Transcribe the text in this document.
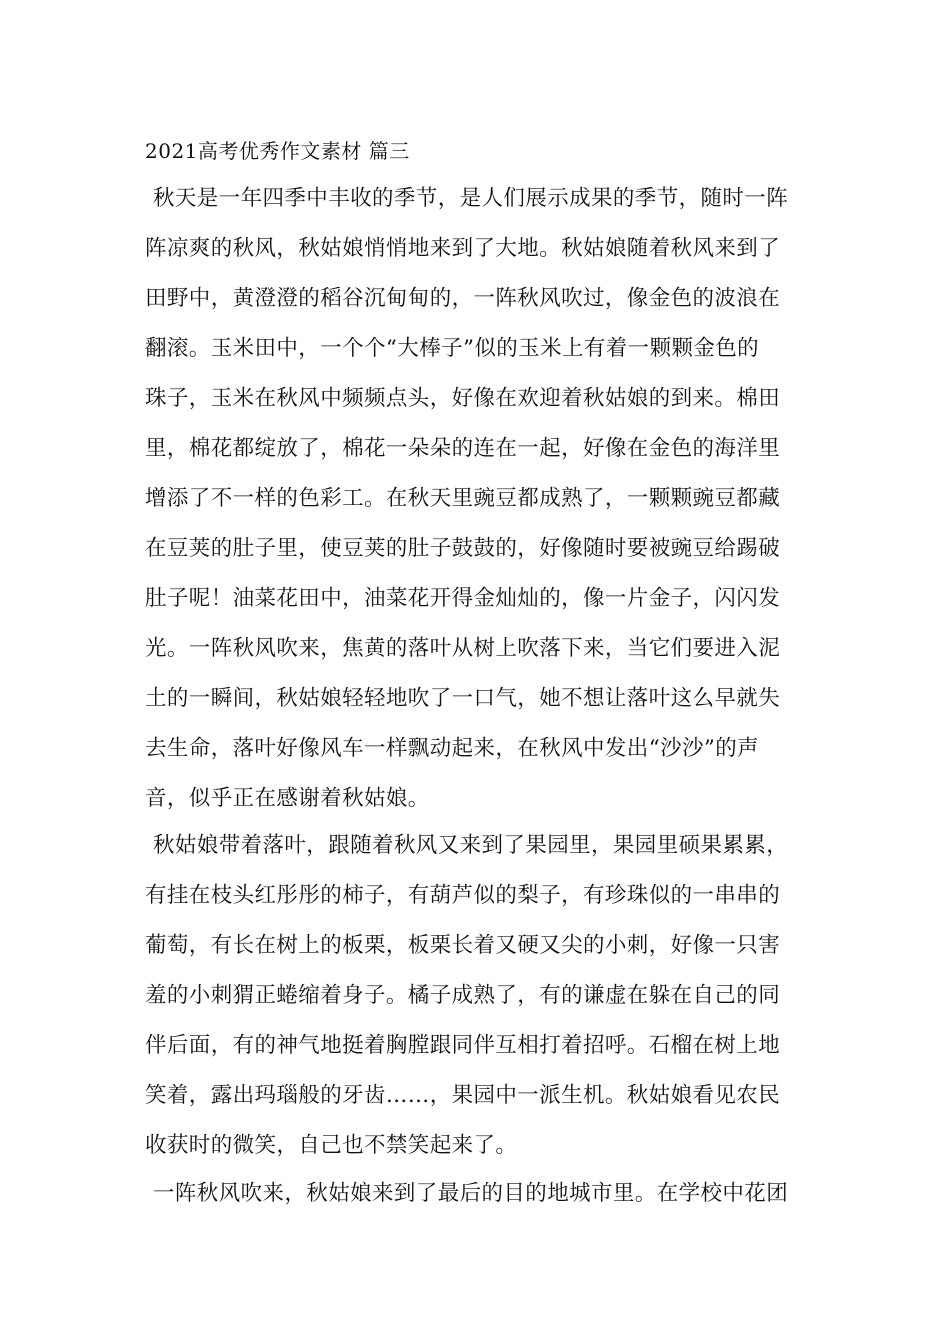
2021高考优秀作文素材 篇三
秋天是一年四季中丰收的季节，是人们展示成果的季节，随时一阵
阵凉爽的秋风，秋姑娘悄悄地来到了大地。秋姑娘随着秋风来到了
田野中，黄澄澄的稻谷沉甸甸的，一阵秋风吹过，像金色的波浪在
翻滚。玉米田中，一个个“大棒子”似的玉米上有着一颗颗金色的
珠子，玉米在秋风中频频点头，好像在欢迎着秋姑娘的到来。棉田
里，棉花都绽放了，棉花一朵朵的连在一起，好像在金色的海洋里
增添了不一样的色彩工。在秋天里豌豆都成熟了，一颗颗豌豆都藏
在豆荚的肚子里，使豆荚的肚子鼓鼓的，好像随时要被豌豆给踢破
肚子呢！油菜花田中，油菜花开得金灿灿的，像一片金子，闪闪发
光。一阵秋风吹来，焦黄的落叶从树上吹落下来，当它们要进入泥
土的一瞬间，秋姑娘轻轻地吹了一口气，她不想让落叶这么早就失
去生命，落叶好像风车一样飘动起来，在秋风中发出“沙沙”的声
音，似乎正在感谢着秋姑娘。
秋姑娘带着落叶，跟随着秋风又来到了果园里，果园里硕果累累，
有挂在枝头红彤彤的柿子，有葫芦似的梨子，有珍珠似的一串串的
葡萄，有长在树上的板栗，板栗长着又硬又尖的小刺，好像一只害
羞的小刺猬正蜷缩着身子。橘子成熟了，有的谦虚在躲在自己的同
伴后面，有的神气地挺着胸膛跟同伴互相打着招呼。石榴在树上地
笑着，露出玛瑙般的牙齿……，果园中一派生机。秋姑娘看见农民
收获时的微笑，自己也不禁笑起来了。
一阵秋风吹来，秋姑娘来到了最后的目的地城市里。在学校中花团
